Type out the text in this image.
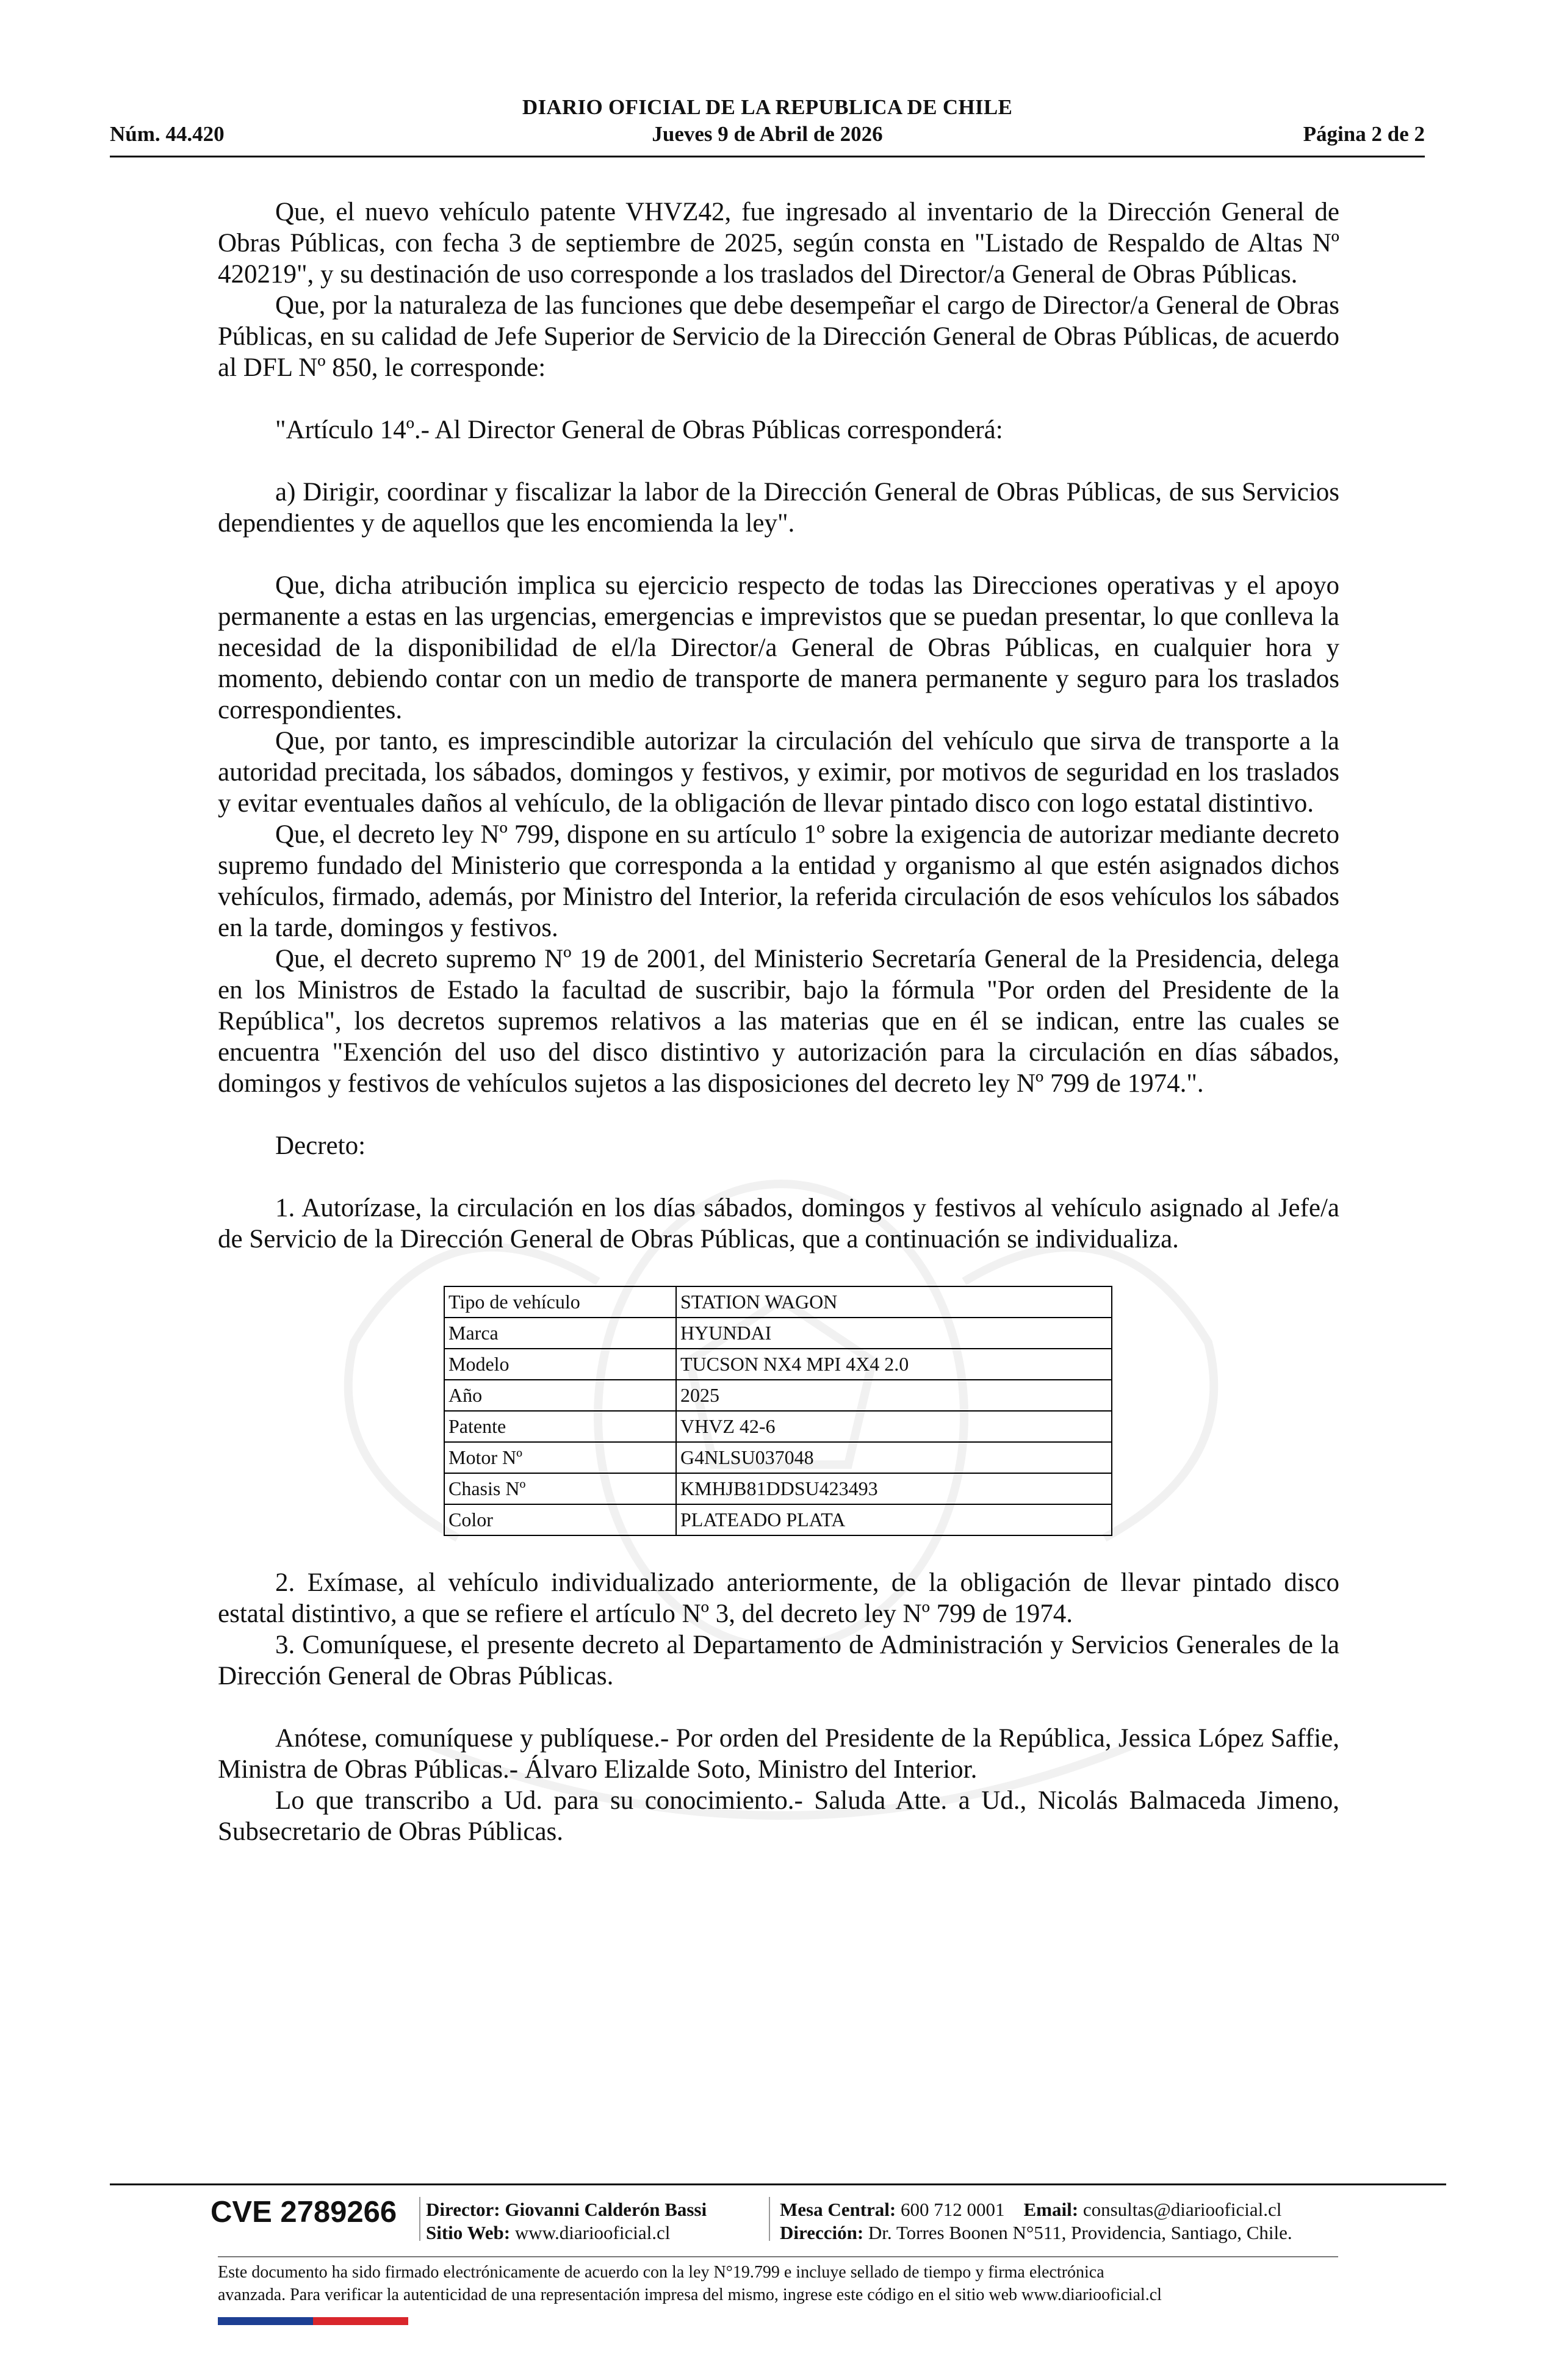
DIARIO OFICIAL DE LA REPUBLICA DE CHILE
Núm. 44.420	Jueves 9 de Abril de 2026	Página 2 de 2

Que, el nuevo vehículo patente VHVZ42, fue ingresado al inventario de la Dirección General de Obras Públicas, con fecha 3 de septiembre de 2025, según consta en "Listado de Respaldo de Altas Nº 420219", y su destinación de uso corresponde a los traslados del Director/a General de Obras Públicas.

Que, por la naturaleza de las funciones que debe desempeñar el cargo de Director/a General de Obras Públicas, en su calidad de Jefe Superior de Servicio de la Dirección General de Obras Públicas, de acuerdo al DFL Nº 850, le corresponde:

"Artículo 14º.- Al Director General de Obras Públicas corresponderá:

a) Dirigir, coordinar y fiscalizar la labor de la Dirección General de Obras Públicas, de sus Servicios dependientes y de aquellos que les encomienda la ley".

Que, dicha atribución implica su ejercicio respecto de todas las Direcciones operativas y el apoyo permanente a estas en las urgencias, emergencias e imprevistos que se puedan presentar, lo que conlleva la necesidad de la disponibilidad de el/la Director/a General de Obras Públicas, en cualquier hora y momento, debiendo contar con un medio de transporte de manera permanente y seguro para los traslados correspondientes.

Que, por tanto, es imprescindible autorizar la circulación del vehículo que sirva de transporte a la autoridad precitada, los sábados, domingos y festivos, y eximir, por motivos de seguridad en los traslados y evitar eventuales daños al vehículo, de la obligación de llevar pintado disco con logo estatal distintivo.

Que, el decreto ley Nº 799, dispone en su artículo 1º sobre la exigencia de autorizar mediante decreto supremo fundado del Ministerio que corresponda a la entidad y organismo al que estén asignados dichos vehículos, firmado, además, por Ministro del Interior, la referida circulación de esos vehículos los sábados en la tarde, domingos y festivos.

Que, el decreto supremo Nº 19 de 2001, del Ministerio Secretaría General de la Presidencia, delega en los Ministros de Estado la facultad de suscribir, bajo la fórmula "Por orden del Presidente de la República", los decretos supremos relativos a las materias que en él se indican, entre las cuales se encuentra "Exención del uso del disco distintivo y autorización para la circulación en días sábados, domingos y festivos de vehículos sujetos a las disposiciones del decreto ley Nº 799 de 1974.".

Decreto:

1. Autorízase, la circulación en los días sábados, domingos y festivos al vehículo asignado al Jefe/a de Servicio de la Dirección General de Obras Públicas, que a continuación se individualiza.

Tipo de vehículo	STATION WAGON
Marca	HYUNDAI
Modelo	TUCSON NX4 MPI 4X4 2.0
Año	2025
Patente	VHVZ 42-6
Motor Nº	G4NLSU037048
Chasis Nº	KMHJB81DDSU423493
Color	PLATEADO PLATA

2. Exímase, al vehículo individualizado anteriormente, de la obligación de llevar pintado disco estatal distintivo, a que se refiere el artículo Nº 3, del decreto ley Nº 799 de 1974.

3. Comuníquese, el presente decreto al Departamento de Administración y Servicios Generales de la Dirección General de Obras Públicas.

Anótese, comuníquese y publíquese.- Por orden del Presidente de la República, Jessica López Saffie, Ministra de Obras Públicas.- Álvaro Elizalde Soto, Ministro del Interior.

Lo que transcribo a Ud. para su conocimiento.- Saluda Atte. a Ud., Nicolás Balmaceda Jimeno, Subsecretario de Obras Públicas.

CVE 2789266 Director: Giovanni Calderón Bassi
Sitio Web: www.diariooficial.cl
Mesa Central: 600 712 0001 Email: consultas@diariooficial.cl
Dirección: Dr. Torres Boonen N°511, Providencia, Santiago, Chile.
Este documento ha sido firmado electrónicamente de acuerdo con la ley N°19.799 e incluye sellado de tiempo y firma electrónica
avanzada. Para verificar la autenticidad de una representación impresa del mismo, ingrese este código en el sitio web www.diariooficial.cl
